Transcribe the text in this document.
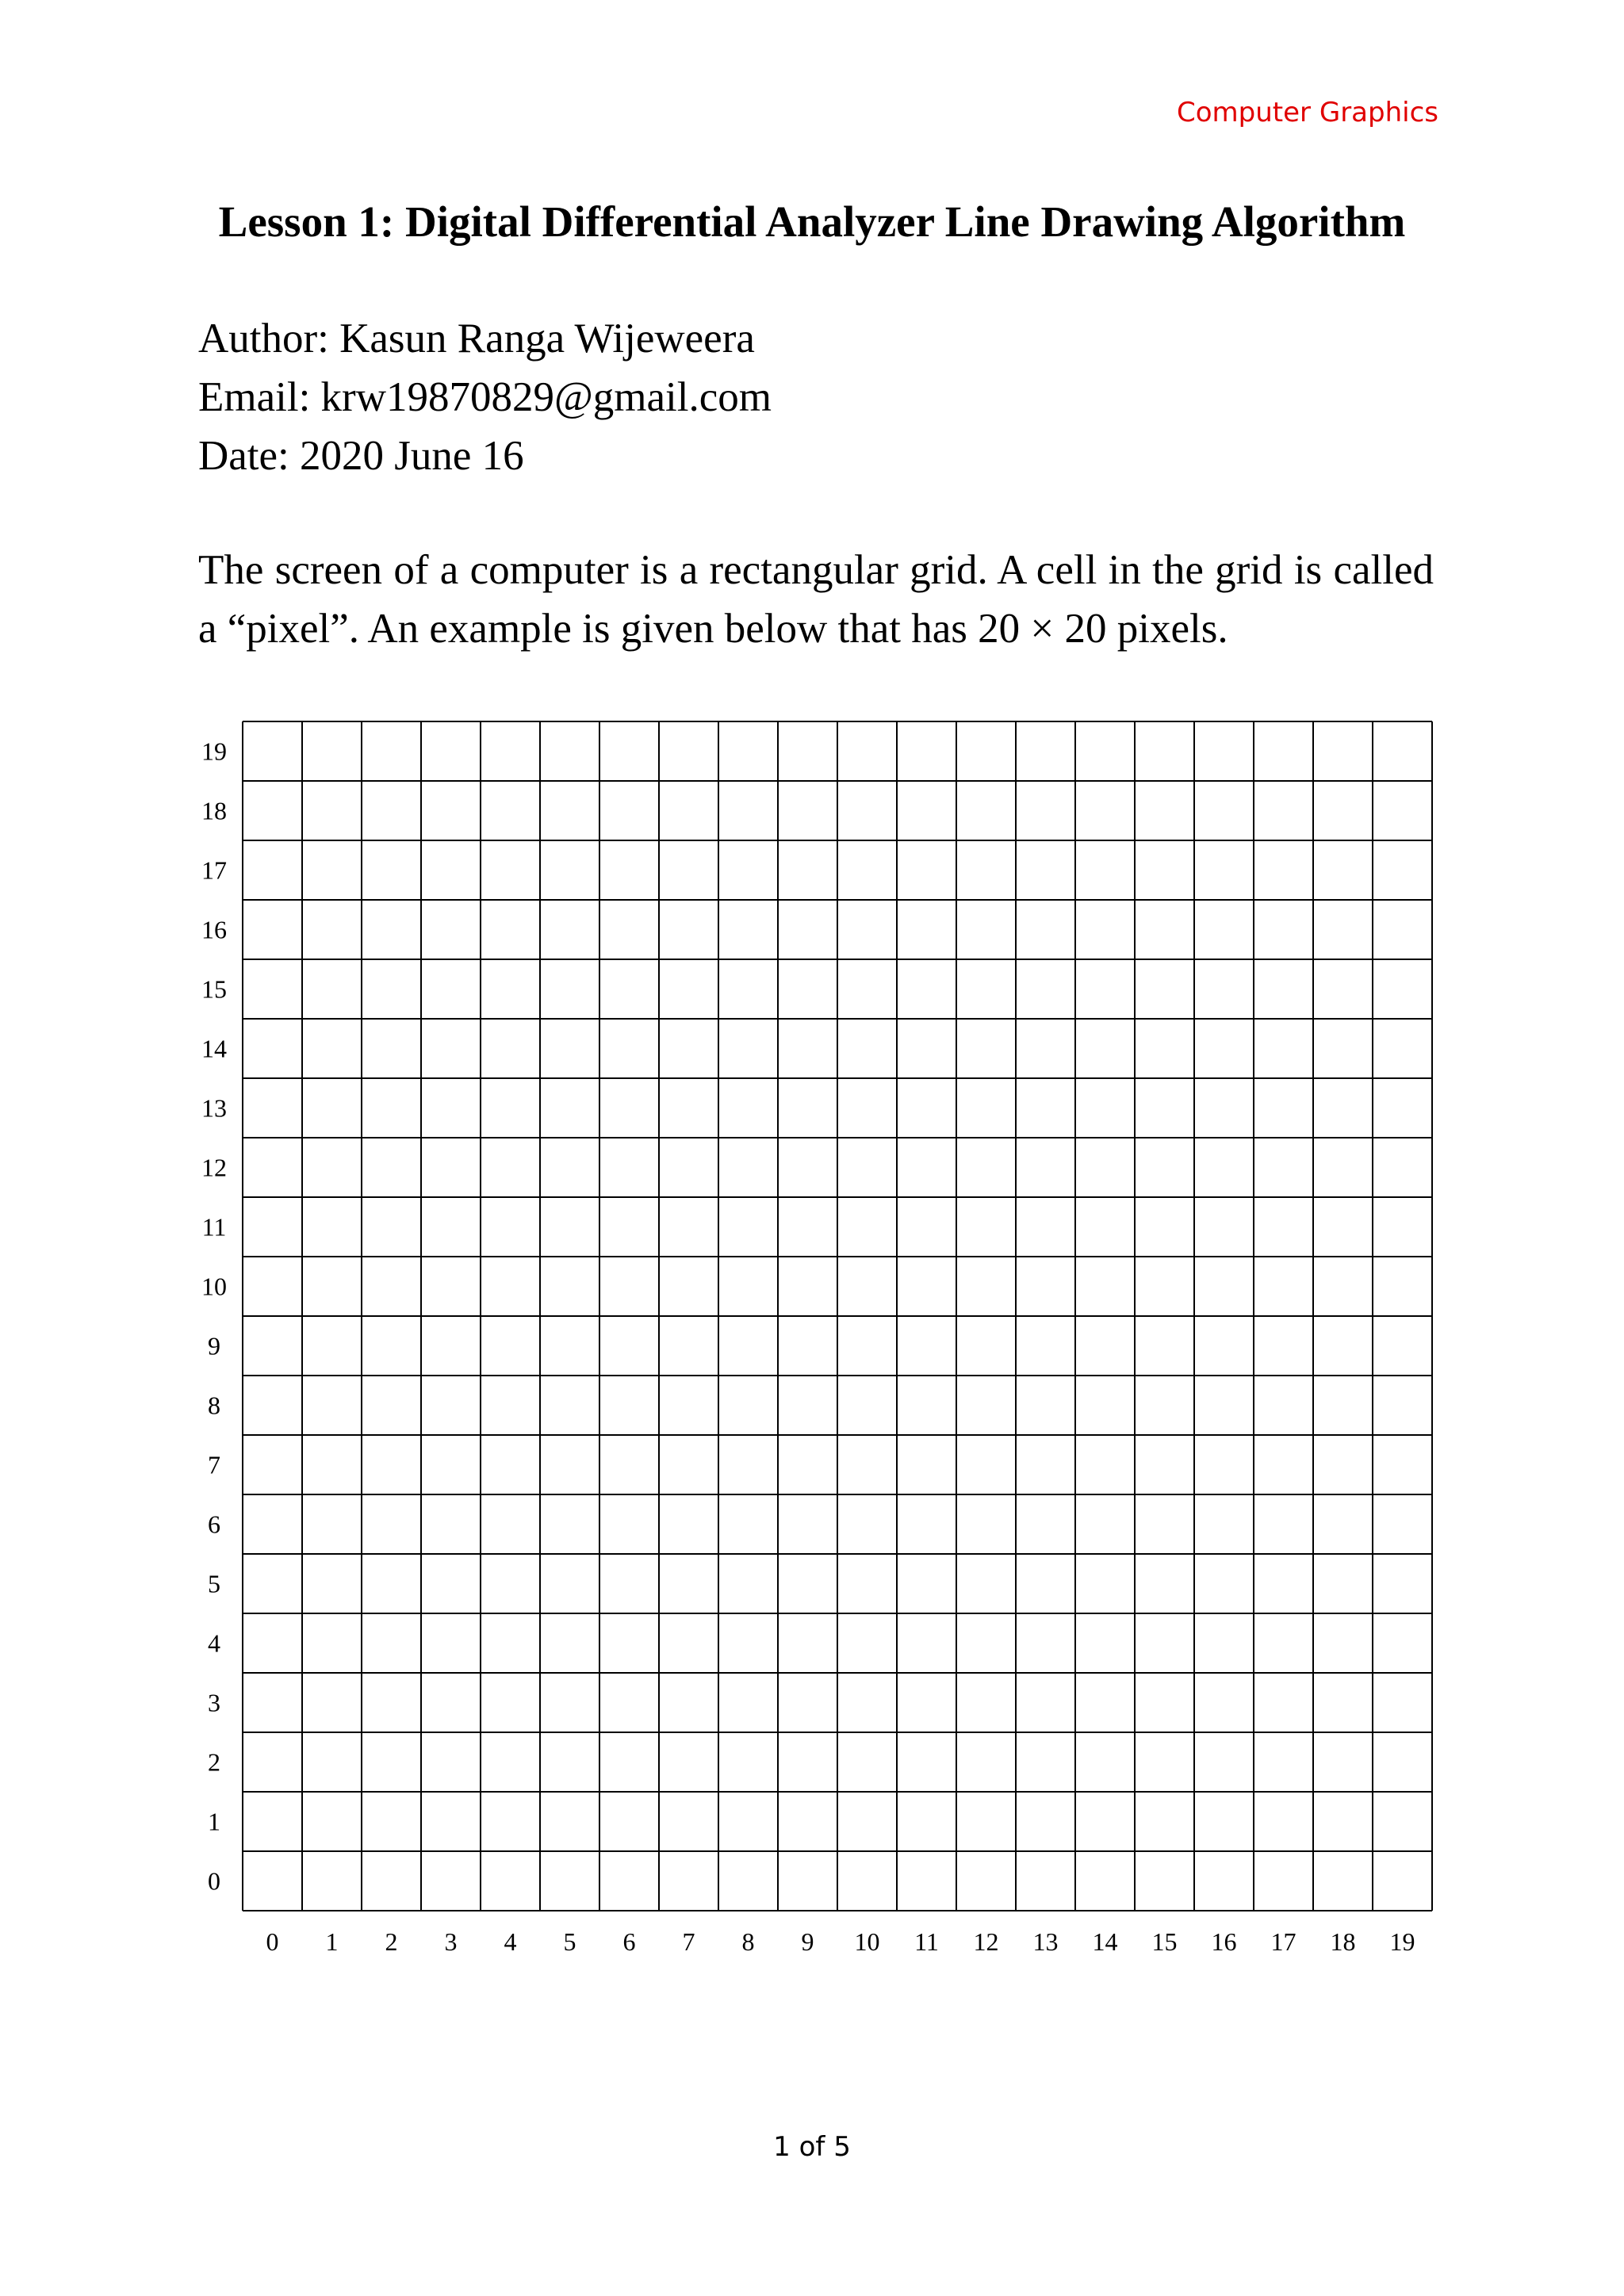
Computer Graphics
Lesson 1: Digital Differential Analyzer Line Drawing Algorithm
Author: Kasun Ranga Wijeweera
Email: krw19870829@gmail.com
Date: 2020 June 16
The screen of a computer is a rectangular grid. A cell in the grid is called a “pixel”. An example is given below that has 20 × 20 pixels.
0 1 2 3 4 5 6 7 8 9 10 11 12 13 14 15 16 17 18 19
0
1
2
3
4
5
6
7
8
9
10
11
12
13
14
15
16
17
18
19
1 of 5
